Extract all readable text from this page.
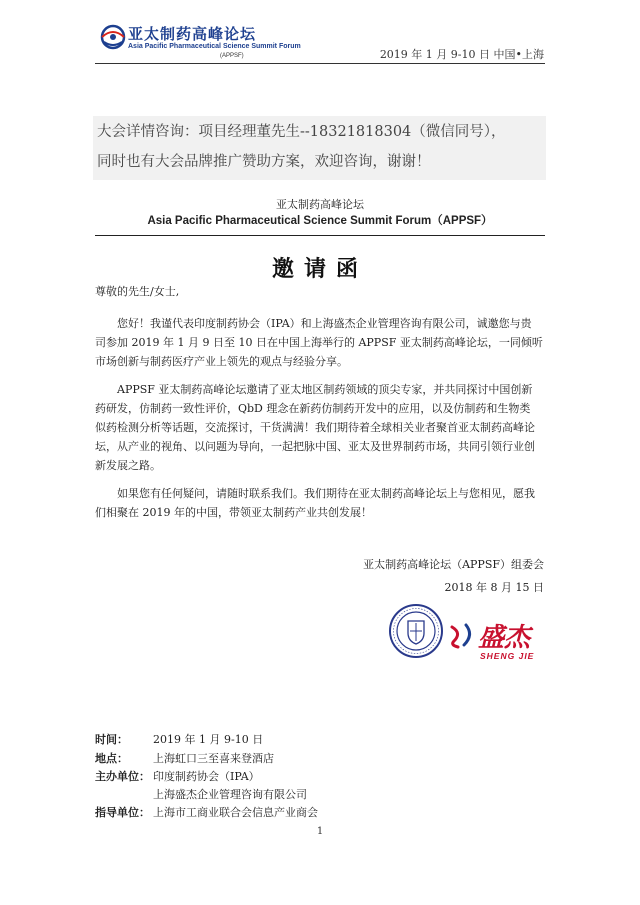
亚太制药高峰论坛
Asia Pacific Pharmaceutical Science Summit Forum
(APPSF)	2019 年 1 月 9-10 日 中国•上海
大会详情咨询：项目经理董先生--18321818304（微信同号），
同时也有大会品牌推广赞助方案，欢迎咨询，谢谢！
亚太制药高峰论坛
Asia Pacific Pharmaceutical Science Summit Forum（APPSF）
邀请函
尊敬的先生/女士,
您好！我谨代表印度制药协会（IPA）和上海盛杰企业管理咨询有限公司，诚邀您与贵
司参加 2019 年 1 月 9 日至 10 日在中国上海举行的 APPSF 亚太制药高峰论坛，一同倾听
市场创新与制药医疗产业上领先的观点与经验分享。
APPSF 亚太制药高峰论坛邀请了亚太地区制药领域的顶尖专家，并共同探讨中国创新
药研发，仿制药一致性评价，QbD 理念在新药仿制药开发中的应用，以及仿制药和生物类
似药检测分析等话题，交流探讨，干货满满！我们期待着全球相关业者聚首亚太制药高峰论
坛，从产业的视角、以问题为导向，一起把脉中国、亚太及世界制药市场，共同引领行业创
新发展之路。
如果您有任何疑问，请随时联系我们。我们期待在亚太制药高峰论坛上与您相见，愿我
们相聚在 2019 年的中国，带领亚太制药产业共创发展！
亚太制药高峰论坛（APPSF）组委会
2018 年 8 月 15 日
盛杰
SHENG JIE
时间： 2019 年 1 月 9-10 日
地点： 上海虹口三至喜来登酒店
主办单位： 印度制药协会（IPA）
上海盛杰企业管理咨询有限公司
指导单位： 上海市工商业联合会信息产业商会
1
